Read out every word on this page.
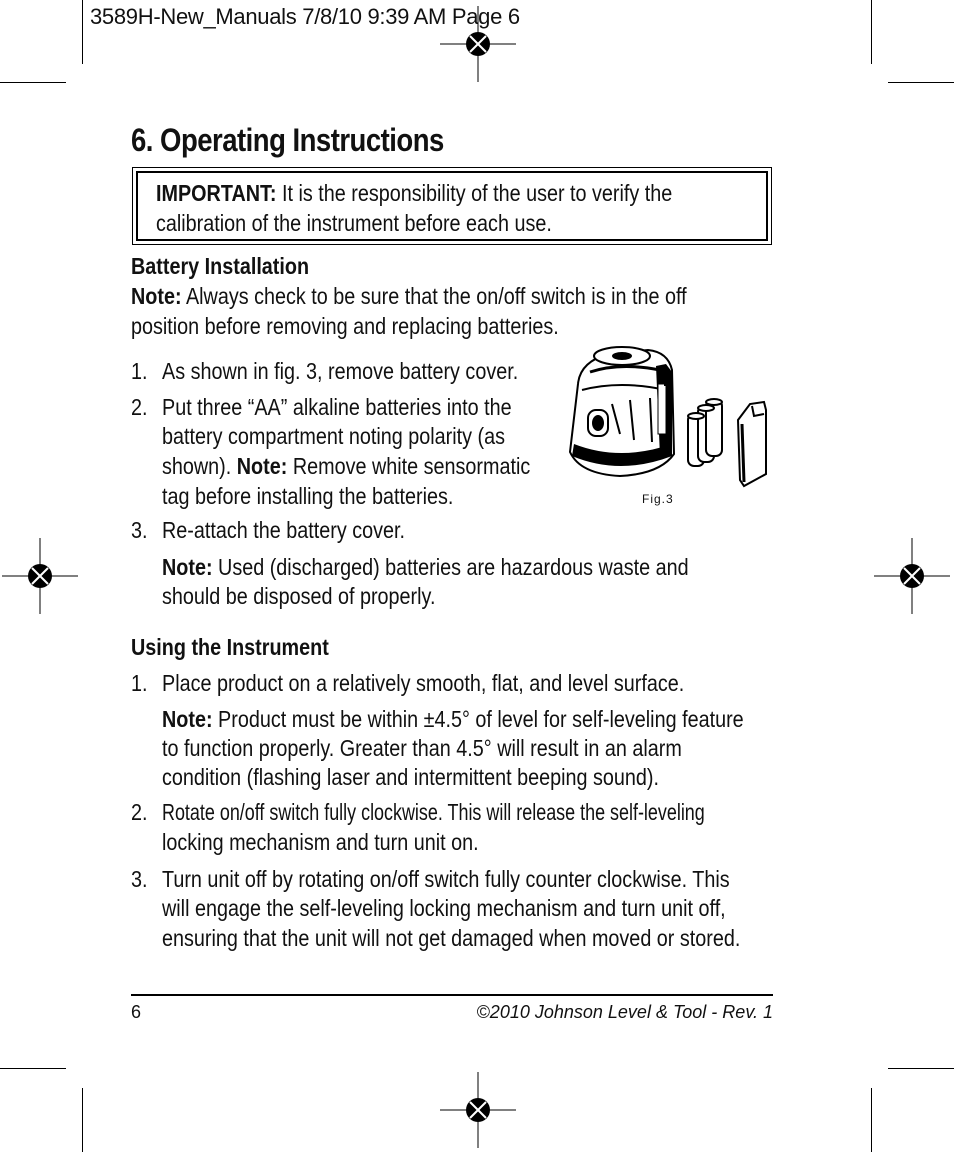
3589H-New_Manuals 7/8/10 9:39 AM Page 6
6. Operating Instructions
IMPORTANT: It is the responsibility of the user to verify the
calibration of the instrument before each use.
Battery Installation
Note: Always check to be sure that the on/off switch is in the off
position before removing and replacing batteries.
1. As shown in fig. 3, remove battery cover.
2. Put three “AA” alkaline batteries into the
battery compartment noting polarity (as
shown). Note: Remove white sensormatic
tag before installing the batteries.
3. Re-attach the battery cover.
Note: Used (discharged) batteries are hazardous waste and
should be disposed of properly.
Fig.3
Using the Instrument
1. Place product on a relatively smooth, flat, and level surface.
Note: Product must be within ±4.5° of level for self-leveling feature
to function properly. Greater than 4.5° will result in an alarm
condition (flashing laser and intermittent beeping sound).
2. Rotate on/off switch fully clockwise. This will release the self-leveling
locking mechanism and turn unit on.
3. Turn unit off by rotating on/off switch fully counter clockwise. This
will engage the self-leveling locking mechanism and turn unit off,
ensuring that the unit will not get damaged when moved or stored.
6	©2010 Johnson Level & Tool - Rev. 1
